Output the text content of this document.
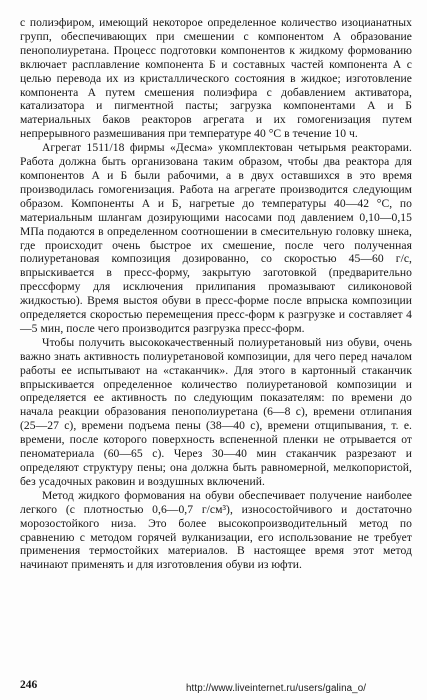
с полиэфиром, имеющий некоторое определенное количество изоцианатных групп, обеспечивающих при смешении с компонентом А образование пенополиуретана. Процесс подготовки компонентов к жидкому формованию включает расплавление компонента Б и составных частей компонента А с целью перевода их из кристаллического состояния в жидкое; изготовление компонента А путем смешения полиэфира с добавлением активатора, катализатора и пигментной пасты; загрузка компонентами А и Б материальных баков реакторов агрегата и их гомогенизация путем непрерывного размешивания при температуре 40 °С в течение 10 ч.

Агрегат 1511/18 фирмы «Десма» укомплектован четырьмя реакторами. Работа должна быть организована таким образом, чтобы два реактора для компонентов А и Б были рабочими, а в двух оставшихся в это время производилась гомогенизация. Работа на агрегате производится следующим образом. Компоненты А и Б, нагретые до температуры 40—42 °С, по материальным шлангам дозирующими насосами под давлением 0,10—0,15 МПа подаются в определенном соотношении в смесительную головку шнека, где происходит очень быстрое их смешение, после чего полученная полиуретановая композиция дозированно, со скоростью 45—60 г/с, впрыскивается в пресс-форму, закрытую заготовкой (предварительно прессформу для исключения прилипания промазывают силиконовой жидкостью). Время выстоя обуви в пресс-форме после впрыска композиции определяется скоростью перемещения пресс-форм к разгрузке и составляет 4—5 мин, после чего производится разгрузка пресс-форм.

Чтобы получить высококачественный полиуретановый низ обуви, очень важно знать активность полиуретановой композиции, для чего перед началом работы ее испытывают на «стаканчик». Для этого в картонный стаканчик впрыскивается определенное количество полиуретановой композиции и определяется ее активность по следующим показателям: по времени до начала реакции образования пенополиуретана (6—8 с), времени отлипания (25—27 с), времени подъема пены (38—40 с), времени отщипывания, т. е. времени, после которого поверхность вспененной пленки не отрывается от пеноматериала (60—65 с). Через 30—40 мин стаканчик разрезают и определяют структуру пены; она должна быть равномерной, мелкопористой, без усадочных раковин и воздушных включений.

Метод жидкого формования на обуви обеспечивает получение наиболее легкого (с плотностью 0,6—0,7 г/см³), износостойчивого и достаточно морозостойкого низа. Это более высокопроизводительный метод по сравнению с методом горячей вулканизации, его использование не требует применения термостойких материалов. В настоящее время этот метод начинают применять и для изготовления обуви из юфти.

246	http://www.liveinternet.ru/users/galina_o/
